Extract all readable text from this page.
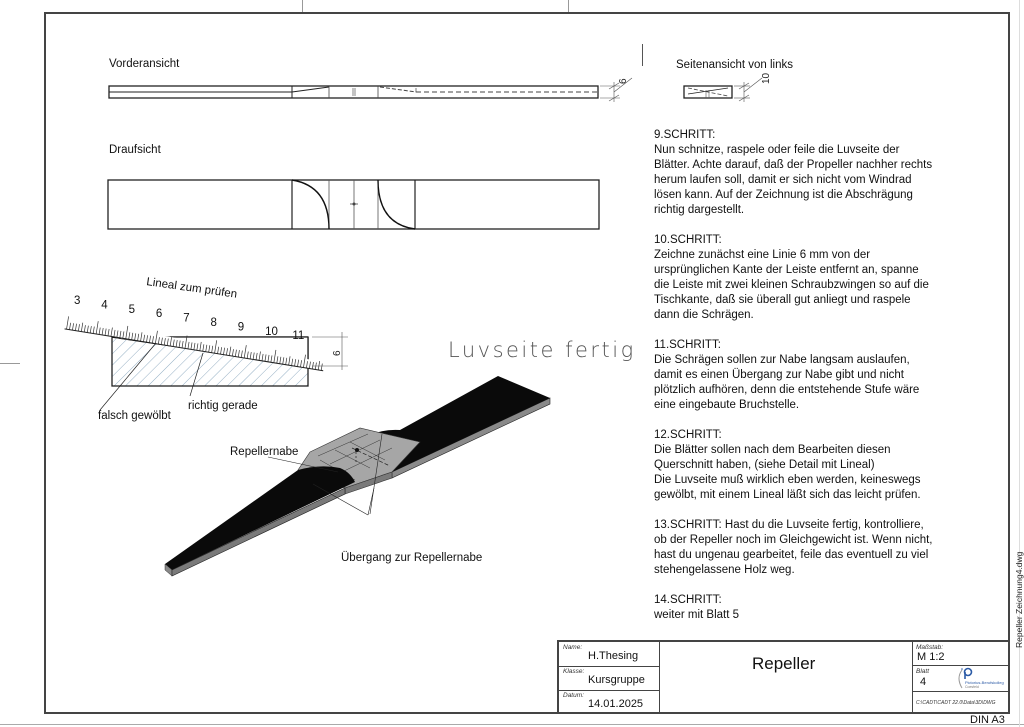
Vorderansicht	Seitenansicht von links
Draufsicht
6	10
Lineal zum prüfen
3 4 5 6 7 8 9 10 11
6
falsch gewölbt
richtig gerade
Luvseite fertig
Repellernabe
Übergang zur Repellernabe
9.SCHRITT:
Nun schnitze, raspele oder feile die Luvseite der
Blätter. Achte darauf, daß der Propeller nachher rechts
herum laufen soll, damit er sich nicht vom Windrad
lösen kann. Auf der Zeichnung ist die Abschrägung
richtig dargestellt.
10.SCHRITT:
Zeichne zunächst eine Linie 6 mm von der
ursprünglichen Kante der Leiste entfernt an, spanne
die Leiste mit zwei kleinen Schraubzwingen so auf die
Tischkante, daß sie überall gut anliegt und raspele
dann die Schrägen.
11.SCHRITT:
Die Schrägen sollen zur Nabe langsam auslaufen,
damit es einen Übergang zur Nabe gibt und nicht
plötzlich aufhören, denn die entstehende Stufe wäre
eine eingebaute Bruchstelle.
12.SCHRITT:
Die Blätter sollen nach dem Bearbeiten diesen
Querschnitt haben, (siehe Detail mit Lineal)
Die Luvseite muß wirklich eben werden, keineswegs
gewölbt, mit einem Lineal läßt sich das leicht prüfen.
13.SCHRITT: Hast du die Luvseite fertig, kontrolliere,
ob der Repeller noch im Gleichgewicht ist. Wenn nicht,
hast du ungenau gearbeitet, feile das eventuell zu viel
stehengelassene Holz weg.
14.SCHRITT:
weiter mit Blatt 5
Name:
H.Thesing
Klasse:
Kursgruppe
Datum:
14.01.2025
Repeller
Maßstab:
M 1:2
Blatt
4	Pictorius-Berufskolleg
Coesfeld
C:\CADT\CADT 22.0\Data\3D\DWG
Repeller Zeichnung4.dwg
DIN A3
